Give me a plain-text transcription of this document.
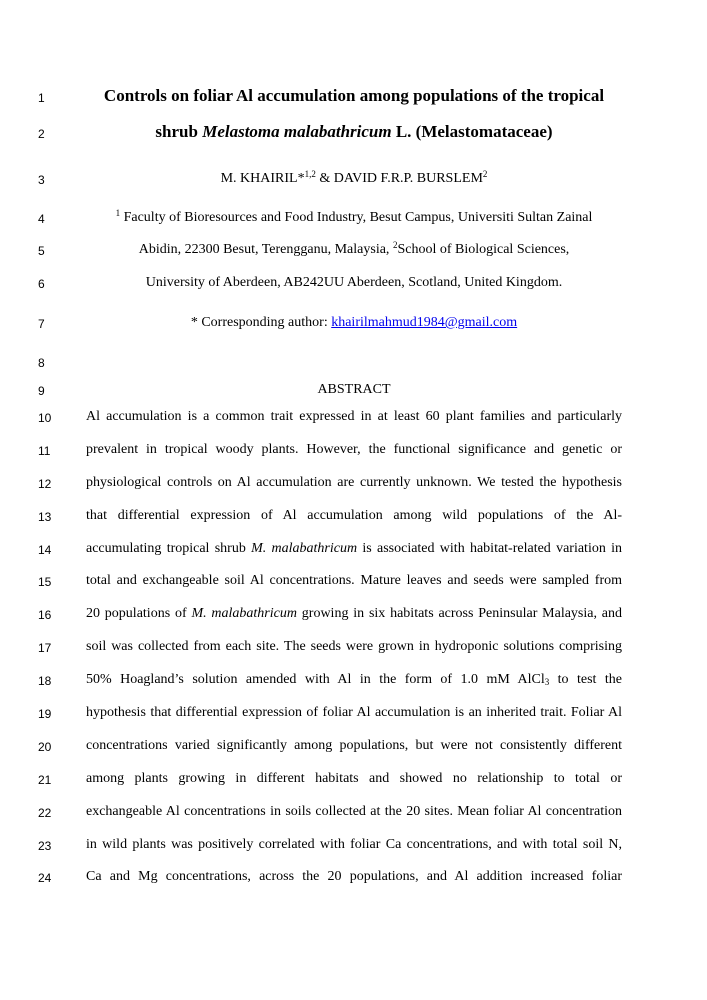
1
2
3
4
5
6
7
8
9
10
11
12
13
14
15
16
17
18
19
20
21
22
23
24
Controls on foliar Al accumulation among populations of the tropical
shrub Melastoma malabathricum L. (Melastomataceae)
M. KHAIRIL*$^{1,2}$ & DAVID F.R.P. BURSLEM$^2$
$^1$ Faculty of Bioresources and Food Industry, Besut Campus, Universiti Sultan Zainal
Abidin, 22300 Besut, Terengganu, Malaysia, $^2$School of Biological Sciences,
University of Aberdeen, AB242UU Aberdeen, Scotland, United Kingdom.
* Corresponding author: khairilmahmud1984@gmail.com
ABSTRACT
Al accumulation is a common trait expressed in at least 60 plant families and particularly
prevalent in tropical woody plants. However, the functional significance and genetic or
physiological controls on Al accumulation are currently unknown. We tested the hypothesis
that differential expression of Al accumulation among wild populations of the Al-
accumulating tropical shrub M. malabathricum is associated with habitat-related variation in
total and exchangeable soil Al concentrations. Mature leaves and seeds were sampled from
20 populations of M. malabathricum growing in six habitats across Peninsular Malaysia, and
soil was collected from each site. The seeds were grown in hydroponic solutions comprising
50% Hoagland’s solution amended with Al in the form of 1.0 mM AlCl$_3$ to test the
hypothesis that differential expression of foliar Al accumulation is an inherited trait. Foliar Al
concentrations varied significantly among populations, but were not consistently different
among plants growing in different habitats and showed no relationship to total or
exchangeable Al concentrations in soils collected at the 20 sites. Mean foliar Al concentration
in wild plants was positively correlated with foliar Ca concentrations, and with total soil N,
Ca and Mg concentrations, across the 20 populations, and Al addition increased foliar
